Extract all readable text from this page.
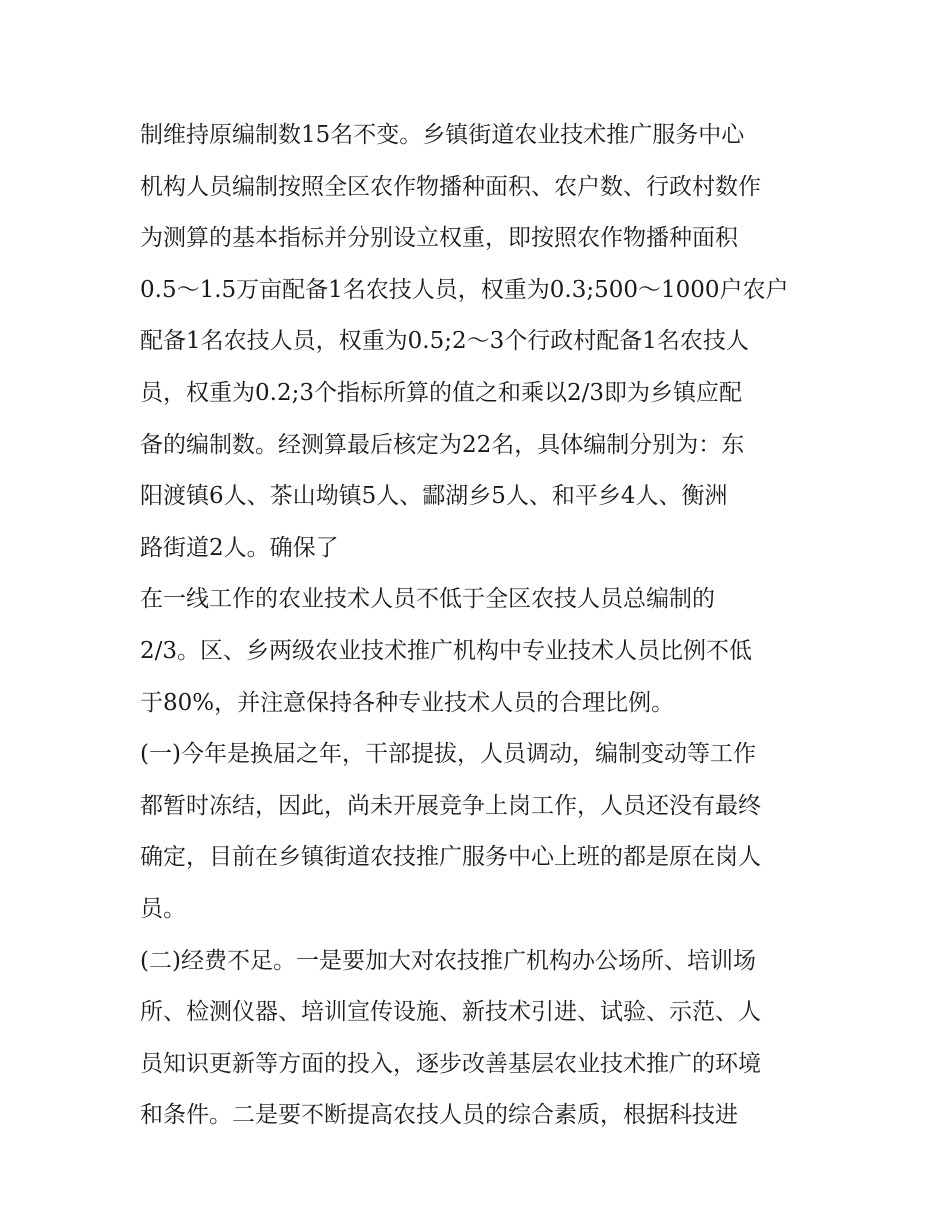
制维持原编制数15名不变。乡镇街道农业技术推广服务中心
机构人员编制按照全区农作物播种面积、农户数、行政村数作
为测算的基本指标并分别设立权重，即按照农作物播种面积
0.5～1.5万亩配备1名农技人员，权重为0.3;500～1000户农户
配备1名农技人员，权重为0.5;2～3个行政村配备1名农技人
员，权重为0.2;3个指标所算的值之和乘以2/3即为乡镇应配
备的编制数。经测算最后核定为22名，具体编制分别为：东
阳渡镇6人、茶山坳镇5人、酃湖乡5人、和平乡4人、衡洲
路街道2人。确保了
在一线工作的农业技术人员不低于全区农技人员总编制的
2/3。区、乡两级农业技术推广机构中专业技术人员比例不低
于80%，并注意保持各种专业技术人员的合理比例。
(一)今年是换届之年，干部提拔，人员调动，编制变动等工作
都暂时冻结，因此，尚未开展竞争上岗工作，人员还没有最终
确定，目前在乡镇街道农技推广服务中心上班的都是原在岗人
员。
(二)经费不足。一是要加大对农技推广机构办公场所、培训场
所、检测仪器、培训宣传设施、新技术引进、试验、示范、人
员知识更新等方面的投入，逐步改善基层农业技术推广的环境
和条件。二是要不断提高农技人员的综合素质，根据科技进
